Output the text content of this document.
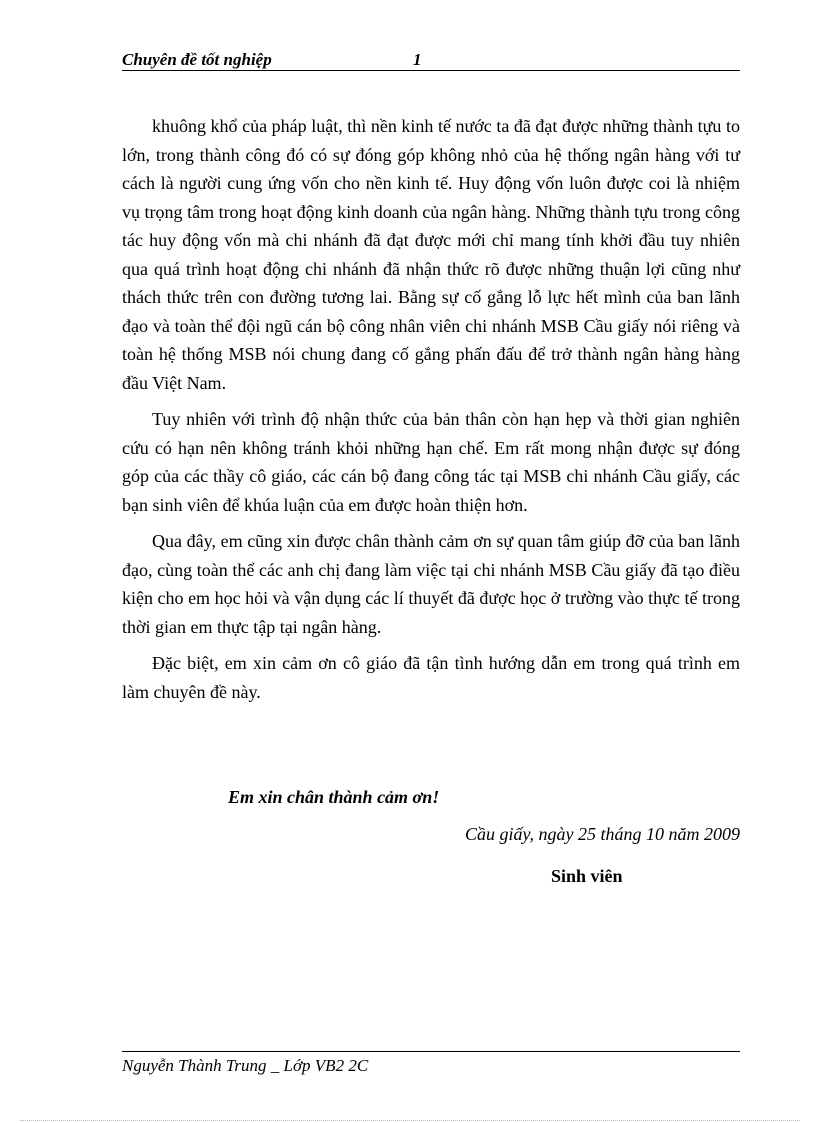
Chuyên đề tốt nghiệp	1

khuông khổ của pháp luật, thì nền kinh tế nước ta đã đạt được những thành tựu to lớn, trong thành công đó có sự đóng góp không nhỏ của hệ thống ngân hàng với tư cách là người cung ứng vốn cho nền kinh tế. Huy động vốn luôn được coi là nhiệm vụ trọng tâm trong hoạt động kinh doanh của ngân hàng. Những thành tựu trong công tác huy động vốn mà chi nhánh đã đạt được mới chỉ mang tính khởi đầu tuy nhiên qua quá trình hoạt động chi nhánh đã nhận thức rõ được những thuận lợi cũng như thách thức trên con đường tương lai. Bằng sự cố gắng lỗ lực hết mình của ban lãnh đạo và toàn thể đội ngũ cán bộ công nhân viên chi nhánh MSB Cầu giấy nói riêng và toàn hệ thống MSB nói chung đang cố gắng phấn đấu để trở thành ngân hàng hàng đầu Việt Nam.

Tuy nhiên với trình độ nhận thức của bản thân còn hạn hẹp và thời gian nghiên cứu có hạn nên không tránh khỏi những hạn chế. Em rất mong nhận được sự đóng góp của các thầy cô giáo, các cán bộ đang công tác tại MSB chi nhánh Cầu giấy, các bạn sinh viên để khúa luận của em được hoàn thiện hơn.

Qua đây, em cũng xin được chân thành cảm ơn sự quan tâm giúp đỡ của ban lãnh đạo, cùng toàn thể các anh chị đang làm việc tại chi nhánh MSB Cầu giấy đã tạo điều kiện cho em học hỏi và vận dụng các lí thuyết đã được học ở trường vào thực tế trong thời gian em thực tập tại ngân hàng.

Đặc biệt, em xin cảm ơn cô giáo đã tận tình hướng dẫn em trong quá trình em làm chuyên đề này.

Em xin chân thành cảm ơn!
Cầu giấy, ngày 25 tháng 10 năm 2009
Sinh viên
Nguyễn Thành Trung _ Lớp VB2 2C
